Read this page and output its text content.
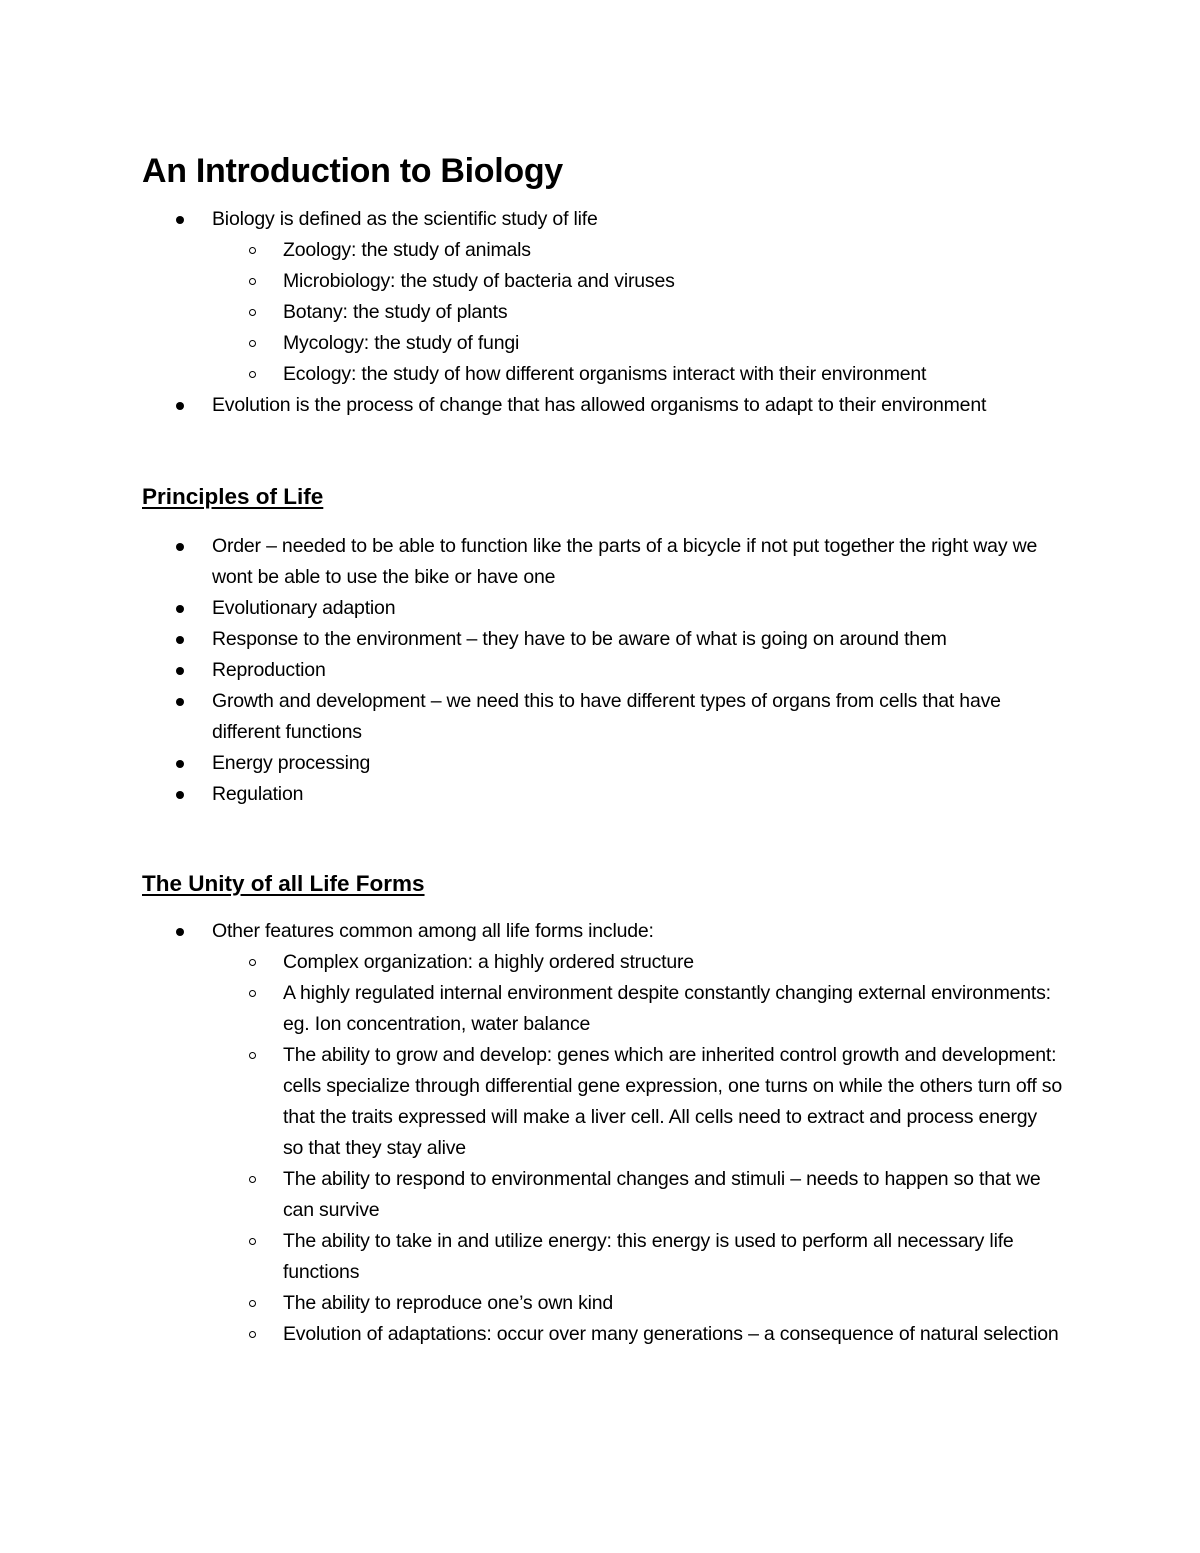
An Introduction to Biology
Biology is defined as the scientific study of life
Zoology: the study of animals
Microbiology: the study of bacteria and viruses
Botany: the study of plants
Mycology: the study of fungi
Ecology: the study of how different organisms interact with their environment
Evolution is the process of change that has allowed organisms to adapt to their environment
Principles of Life
Order – needed to be able to function like the parts of a bicycle if not put together the right way we wont be able to use the bike or have one
Evolutionary adaption
Response to the environment – they have to be aware of what is going on around them
Reproduction
Growth and development – we need this to have different types of organs from cells that have different functions
Energy processing
Regulation
The Unity of all Life Forms
Other features common among all life forms include:
Complex organization: a highly ordered structure
A highly regulated internal environment despite constantly changing external environments: eg. Ion concentration, water balance
The ability to grow and develop: genes which are inherited control growth and development: cells specialize through differential gene expression, one turns on while the others turn off so that the traits expressed will make a liver cell. All cells need to extract and process energy so that they stay alive
The ability to respond to environmental changes and stimuli – needs to happen so that we can survive
The ability to take in and utilize energy: this energy is used to perform all necessary life functions
The ability to reproduce one’s own kind
Evolution of adaptations: occur over many generations – a consequence of natural selection
